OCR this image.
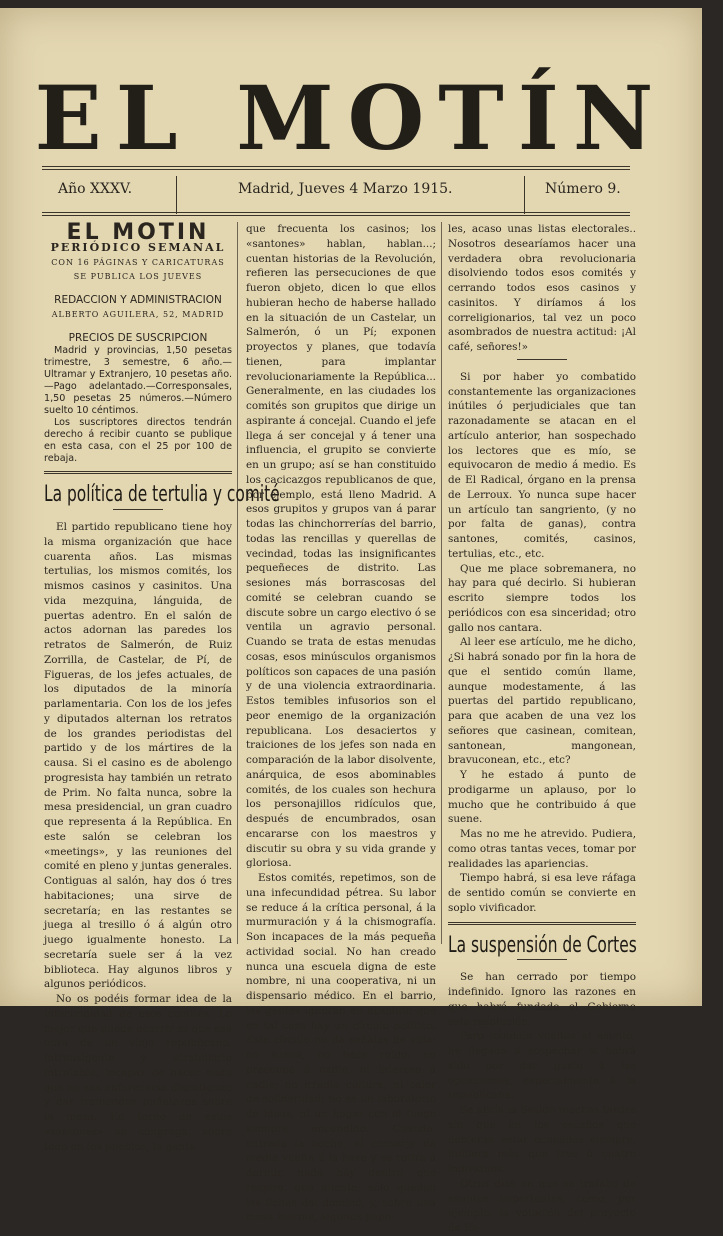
EL MOTÍN
Año XXXV.	Madrid, Jueves 4 Marzo 1915.	Número 9.
EL MOTIN
PERIÓDICO SEMANAL
CON 16 PÁGINAS Y CARICATURAS
SE PUBLICA LOS JUEVES
REDACCION Y ADMINISTRACION
ALBERTO AGUILERA, 52, MADRID
PRECIOS DE SUSCRIPCION

Madrid y provincias, 1,50 pesetas trimestre, 3 semestre, 6 año.—Ultramar y Extranjero, 10 pesetas año.—Pago adelantado.—Corresponsales, 1,50 pesetas 25 números.—Número suelto 10 céntimos.

Los suscriptores directos tendrán derecho á recibir cuanto se publique en esta casa, con el 25 por 100 de rebaja.

La política de tertulia y comité

El partido republicano tiene hoy la misma organización que hace cuarenta años. Las mismas tertulias, los mismos comités, los mismos casinos y casinitos. Una vida mezquina, lánguida, de puertas adentro. En el salón de actos adornan las paredes los retratos de Salmerón, de Ruiz Zorrilla, de Castelar, de Pí, de Figueras, de los jefes actuales, de los diputados de la minoría parlamentaria. Con los de los jefes y diputados alternan los retratos de los grandes periodistas del partido y de los mártires de la causa. Si el casino es de abolengo progresista hay también un retrato de Prim. No falta nunca, sobre la mesa presidencial, un gran cuadro que representa á la República. En este salón se celebran los «meetings», y las reuniones del comité en pleno y juntas generales. Contiguas al salón, hay dos ó tres habitaciones; una sirve de secretaría; en las restantes se juega al tresillo ó á algún otro juego igualmente honesto. La secretaría suele ser á la vez biblioteca. Hay algunos libros y algunos periódicos.

No os podéis formar idea de la infecundidad de esos comités. Lo mejor que puede ocurrir es que sea obra de un viejo republicano, intransigente y atrabiliario intratable, incapaz de hacer nada que no sea enfurecerse discutiendo y dar tremendos puñetazos sobre la mesa. En torno de estos «santones» se congrega, sobre todo en los pueblos, la gente

que frecuenta los casinos; los «santones» hablan, hablan...; cuentan historias de la Revolución, refieren las persecuciones de que fueron objeto, dicen lo que ellos hubieran hecho de haberse hallado en la situación de un Castelar, un Salmerón, ó un Pí; exponen proyectos y planes, que todavía tienen, para implantar revolucionariamente la República... Generalmente, en las ciudades los comités son grupitos que dirige un aspirante á concejal. Cuando el jefe llega á ser concejal y á tener una influencia, el grupito se convierte en un grupo; así se han constituido los cacicazgos republicanos de que, por ejemplo, está lleno Madrid. A esos grupitos y grupos van á parar todas las chinchorrerías del barrio, todas las rencillas y querellas de vecindad, todas las insignificantes pequeñeces de distrito. Las sesiones más borrascosas del comité se celebran cuando se discute sobre un cargo electivo ó se ventila un agravio personal. Cuando se trata de estas menudas cosas, esos minúsculos organismos políticos son capaces de una pasión y de una violencia extraordinaria. Estos temibles infusorios son el peor enemigo de la organización republicana. Los desaciertos y traiciones de los jefes son nada en comparación de la labor disolvente, anárquica, de esos abominables comités, de los cuales son hechura los personajillos ridículos que, después de encumbrados, osan encararse con los maestros y discutir su obra y su vida grande y gloriosa.

Estos comités, repetimos, son de una infecundidad pétrea. Su labor se reduce á la crítica personal, á la murmuración y á la chismografía. Son incapaces de la más pequeña actividad social. No han creado nunca una escuela digna de este nombre, ni una cooperativa, ni un dispensario médico. En el barrio, las gentes ignoran en absoluto que en tal casa hay un círculo político. Este círculo no da señales de vida; no suena, no hace ruido; no preocupa á nadie, ni interesa á nadie; no irradia cultura, ni calor de solidaridad; no es un laboratorio de ideas, ni un hogar con el fuego siempre encendido. Cuando, entrada la noche, el conserje da media vuelta á la llave y se retira á dormir, nada hay dentro que respire, que aliente; sólo quedan las fichas del dominó, y, sobre una mesa inerme, algunos pape-

les, acaso unas listas electorales.. Nosotros desearíamos hacer una verdadera obra revolucionaria disolviendo todos esos comités y cerrando todos esos casinos y casinitos. Y diríamos á los correligionarios, tal vez un poco asombrados de nuestra actitud: ¡Al café, señores!»

Si por haber yo combatido constantemente las organizaciones inútiles ó perjudiciales que tan razonadamente se atacan en el artículo anterior, han sospechado los lectores que es mío, se equivocaron de medio á medio. Es de El Radical, órgano en la prensa de Lerroux. Yo nunca supe hacer un artículo tan sangriento, (y no por falta de ganas), contra santones, comités, casinos, tertulias, etc., etc.

Que me place sobremanera, no hay para qué decirlo. Si hubieran escrito siempre todos los periódicos con esa sinceridad; otro gallo nos cantara.

Al leer ese artículo, me he dicho, ¿Si habrá sonado por fin la hora de que el sentido común llame, aunque modestamente, á las puertas del partido republicano, para que acaben de una vez los señores que casinean, comitean, santonean, mangonean, bravuconean, etc., etc?

Y he estado á punto de prodigarme un aplauso, por lo mucho que he contribuido á que suene.

Mas no me he atrevido. Pudiera, como otras tantas veces, tomar por realidades las apariencias.

Tiempo habrá, si esa leve ráfaga de sentido común se convierte en soplo vivificador.

La suspensión de Cortes

Se han cerrado por tiempo indefinido. Ignoro las razones en que habrá fundado el Gobierno esta resolución.

Pero dándole vueltas al asunto, he llegado á sospechar si habrá sido por dar gusto á las oposiciones, especialmente á la republicana.

Se abría la Sesión muchas tardes sin que en los escaños que debieran estar ocupados siempre, hubiera más que tres ó cuatro individuos.

Otros días en que se trataba de asuntos importantes, como, por ejemplo, la votación del proyecto de Es-
